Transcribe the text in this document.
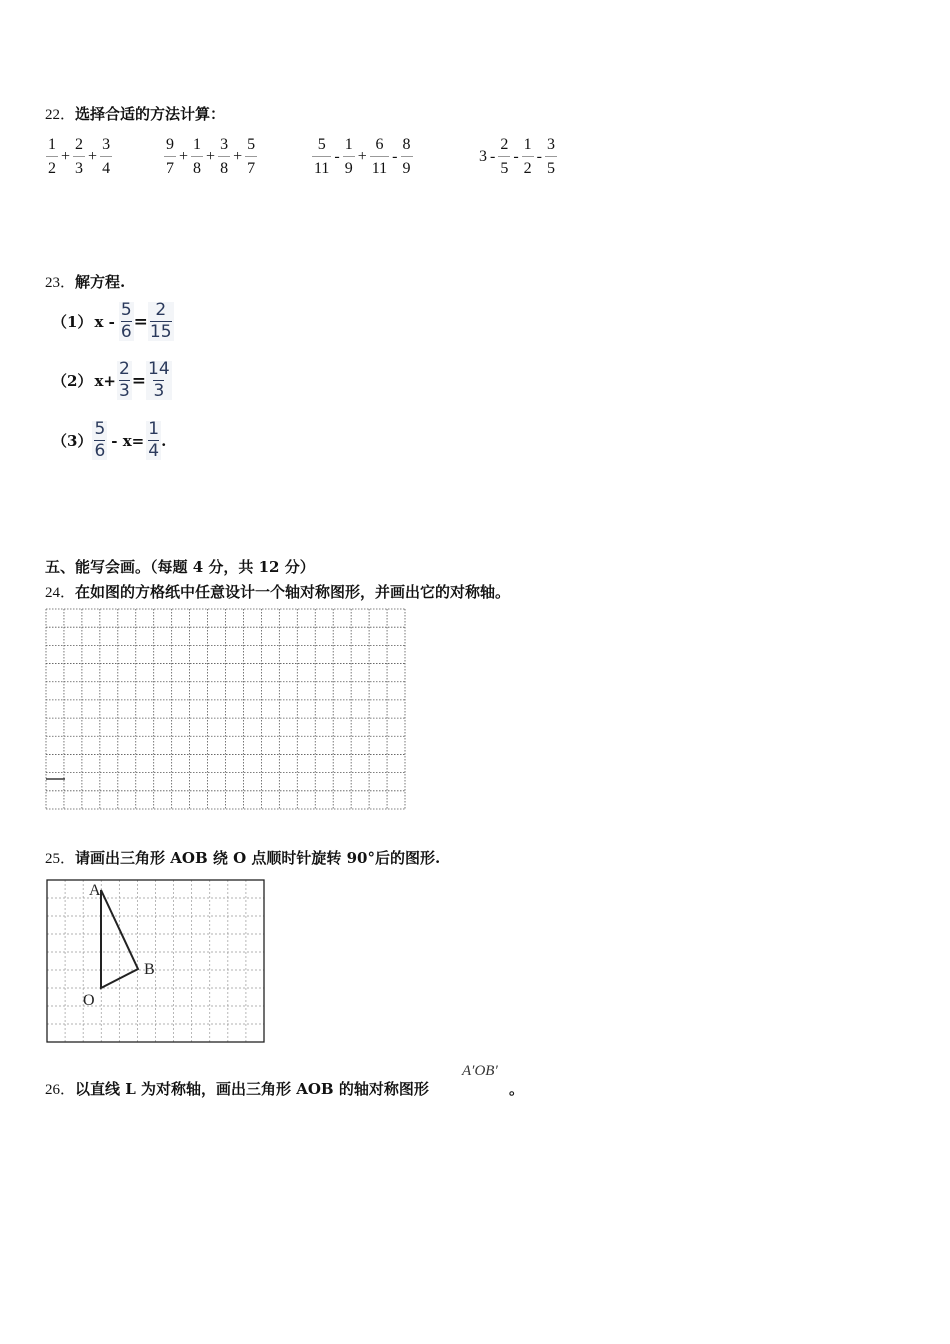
22．选择合适的方法计算：
$\frac{1}{2} + \frac{2}{3} + \frac{3}{4}$	$\frac{9}{7} + \frac{1}{8} + \frac{3}{8} + \frac{5}{7}$	$\frac{5}{11} - \frac{1}{9} + \frac{6}{11} - \frac{8}{9}$	$3 - \frac{2}{5} - \frac{1}{2} - \frac{3}{5}$
23．解方程.
（1） $x - \frac{5}{6} = \frac{2}{15}$
（2） $x+ \frac{2}{3} = \frac{14}{3}$
（3）
5
6
- $x= \frac{1}{4}$ .
五、能写会画。（每题 4 分，共 12 分）
24．在如图的方格纸中任意设计一个轴对称图形，并画出它的对称轴。
25．请画出三角形 AOB 绕 O 点顺时针旋转 90°后的图形.
A
B
O
26．以直线 L 为对称轴，画出三角形 AOB 的轴对称图形
A′OB′
。
